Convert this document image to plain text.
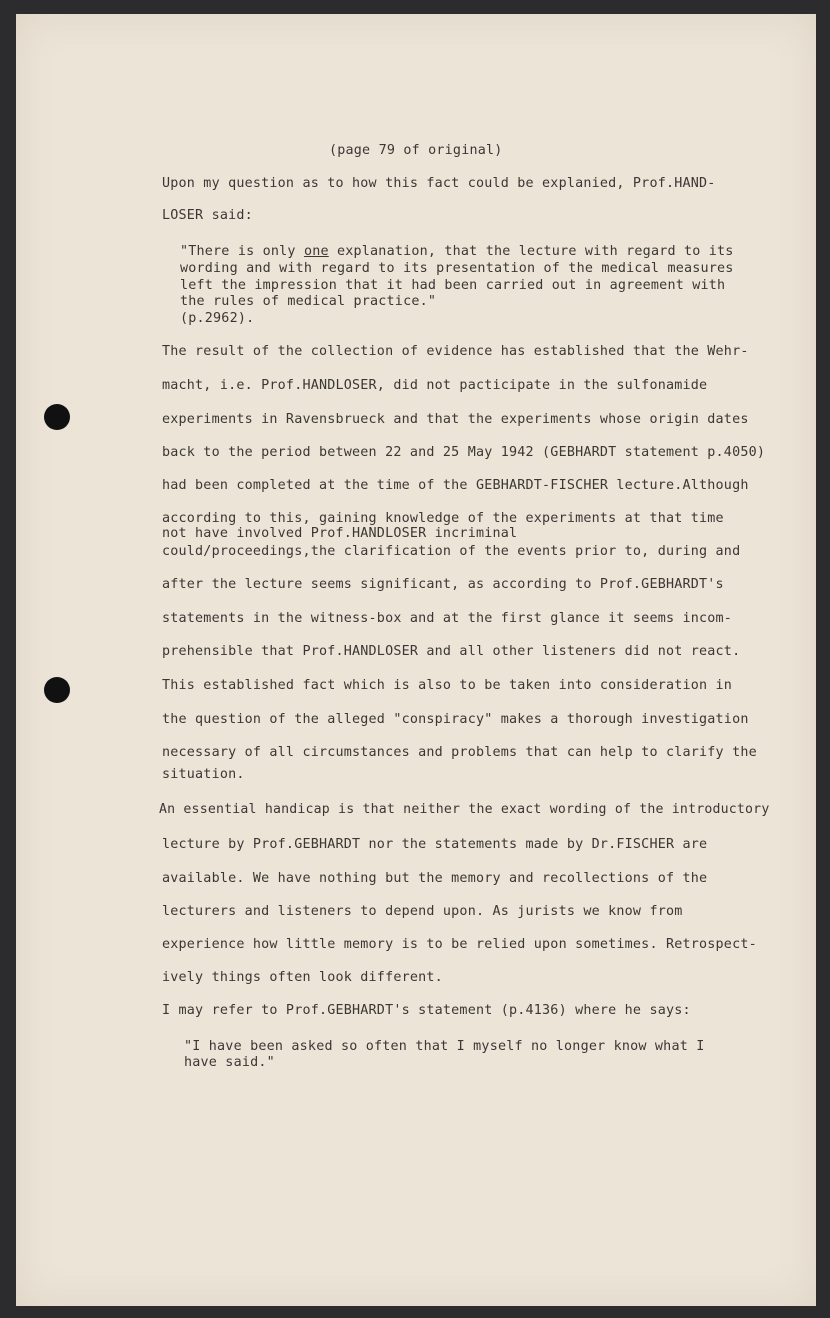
(page 79 of original)
Upon my question as to how this fact could be explanied, Prof.HAND-
LOSER said:
"There is only one explanation, that the lecture with regard to its
wording and with regard to its presentation of the medical measures
left the impression that it had been carried out in agreement with
the rules of medical practice."
(p.2962).
The result of the collection of evidence has established that the Wehr-
macht, i.e. Prof.HANDLOSER, did not pacticipate in the sulfonamide
experiments in Ravensbrueck and that the experiments whose origin dates
back to the period between 22 and 25 May 1942 (GEBHARDT statement p.4050)
had been completed at the time of the GEBHARDT-FISCHER lecture.Although
according to this, gaining knowledge of the experiments at that time
not have involved Prof.HANDLOSER incriminal
could/proceedings,the clarification of the events prior to, during and
after the lecture seems significant, as according to Prof.GEBHARDT's
statements in the witness-box and at the first glance it seems incom-
prehensible that Prof.HANDLOSER and all other listeners did not react.
This established fact which is also to be taken into consideration in
the question of the alleged "conspiracy" makes a thorough investigation
necessary of all circumstances and problems that can help to clarify the
situation.
An essential handicap is that neither the exact wording of the introductory
lecture by Prof.GEBHARDT nor the statements made by Dr.FISCHER are
available. We have nothing but the memory and recollections of the
lecturers and listeners to depend upon. As jurists we know from
experience how little memory is to be relied upon sometimes. Retrospect-
ively things often look different.
I may refer to Prof.GEBHARDT's statement (p.4136) where he says:
"I have been asked so often that I myself no longer know what I
have said."
